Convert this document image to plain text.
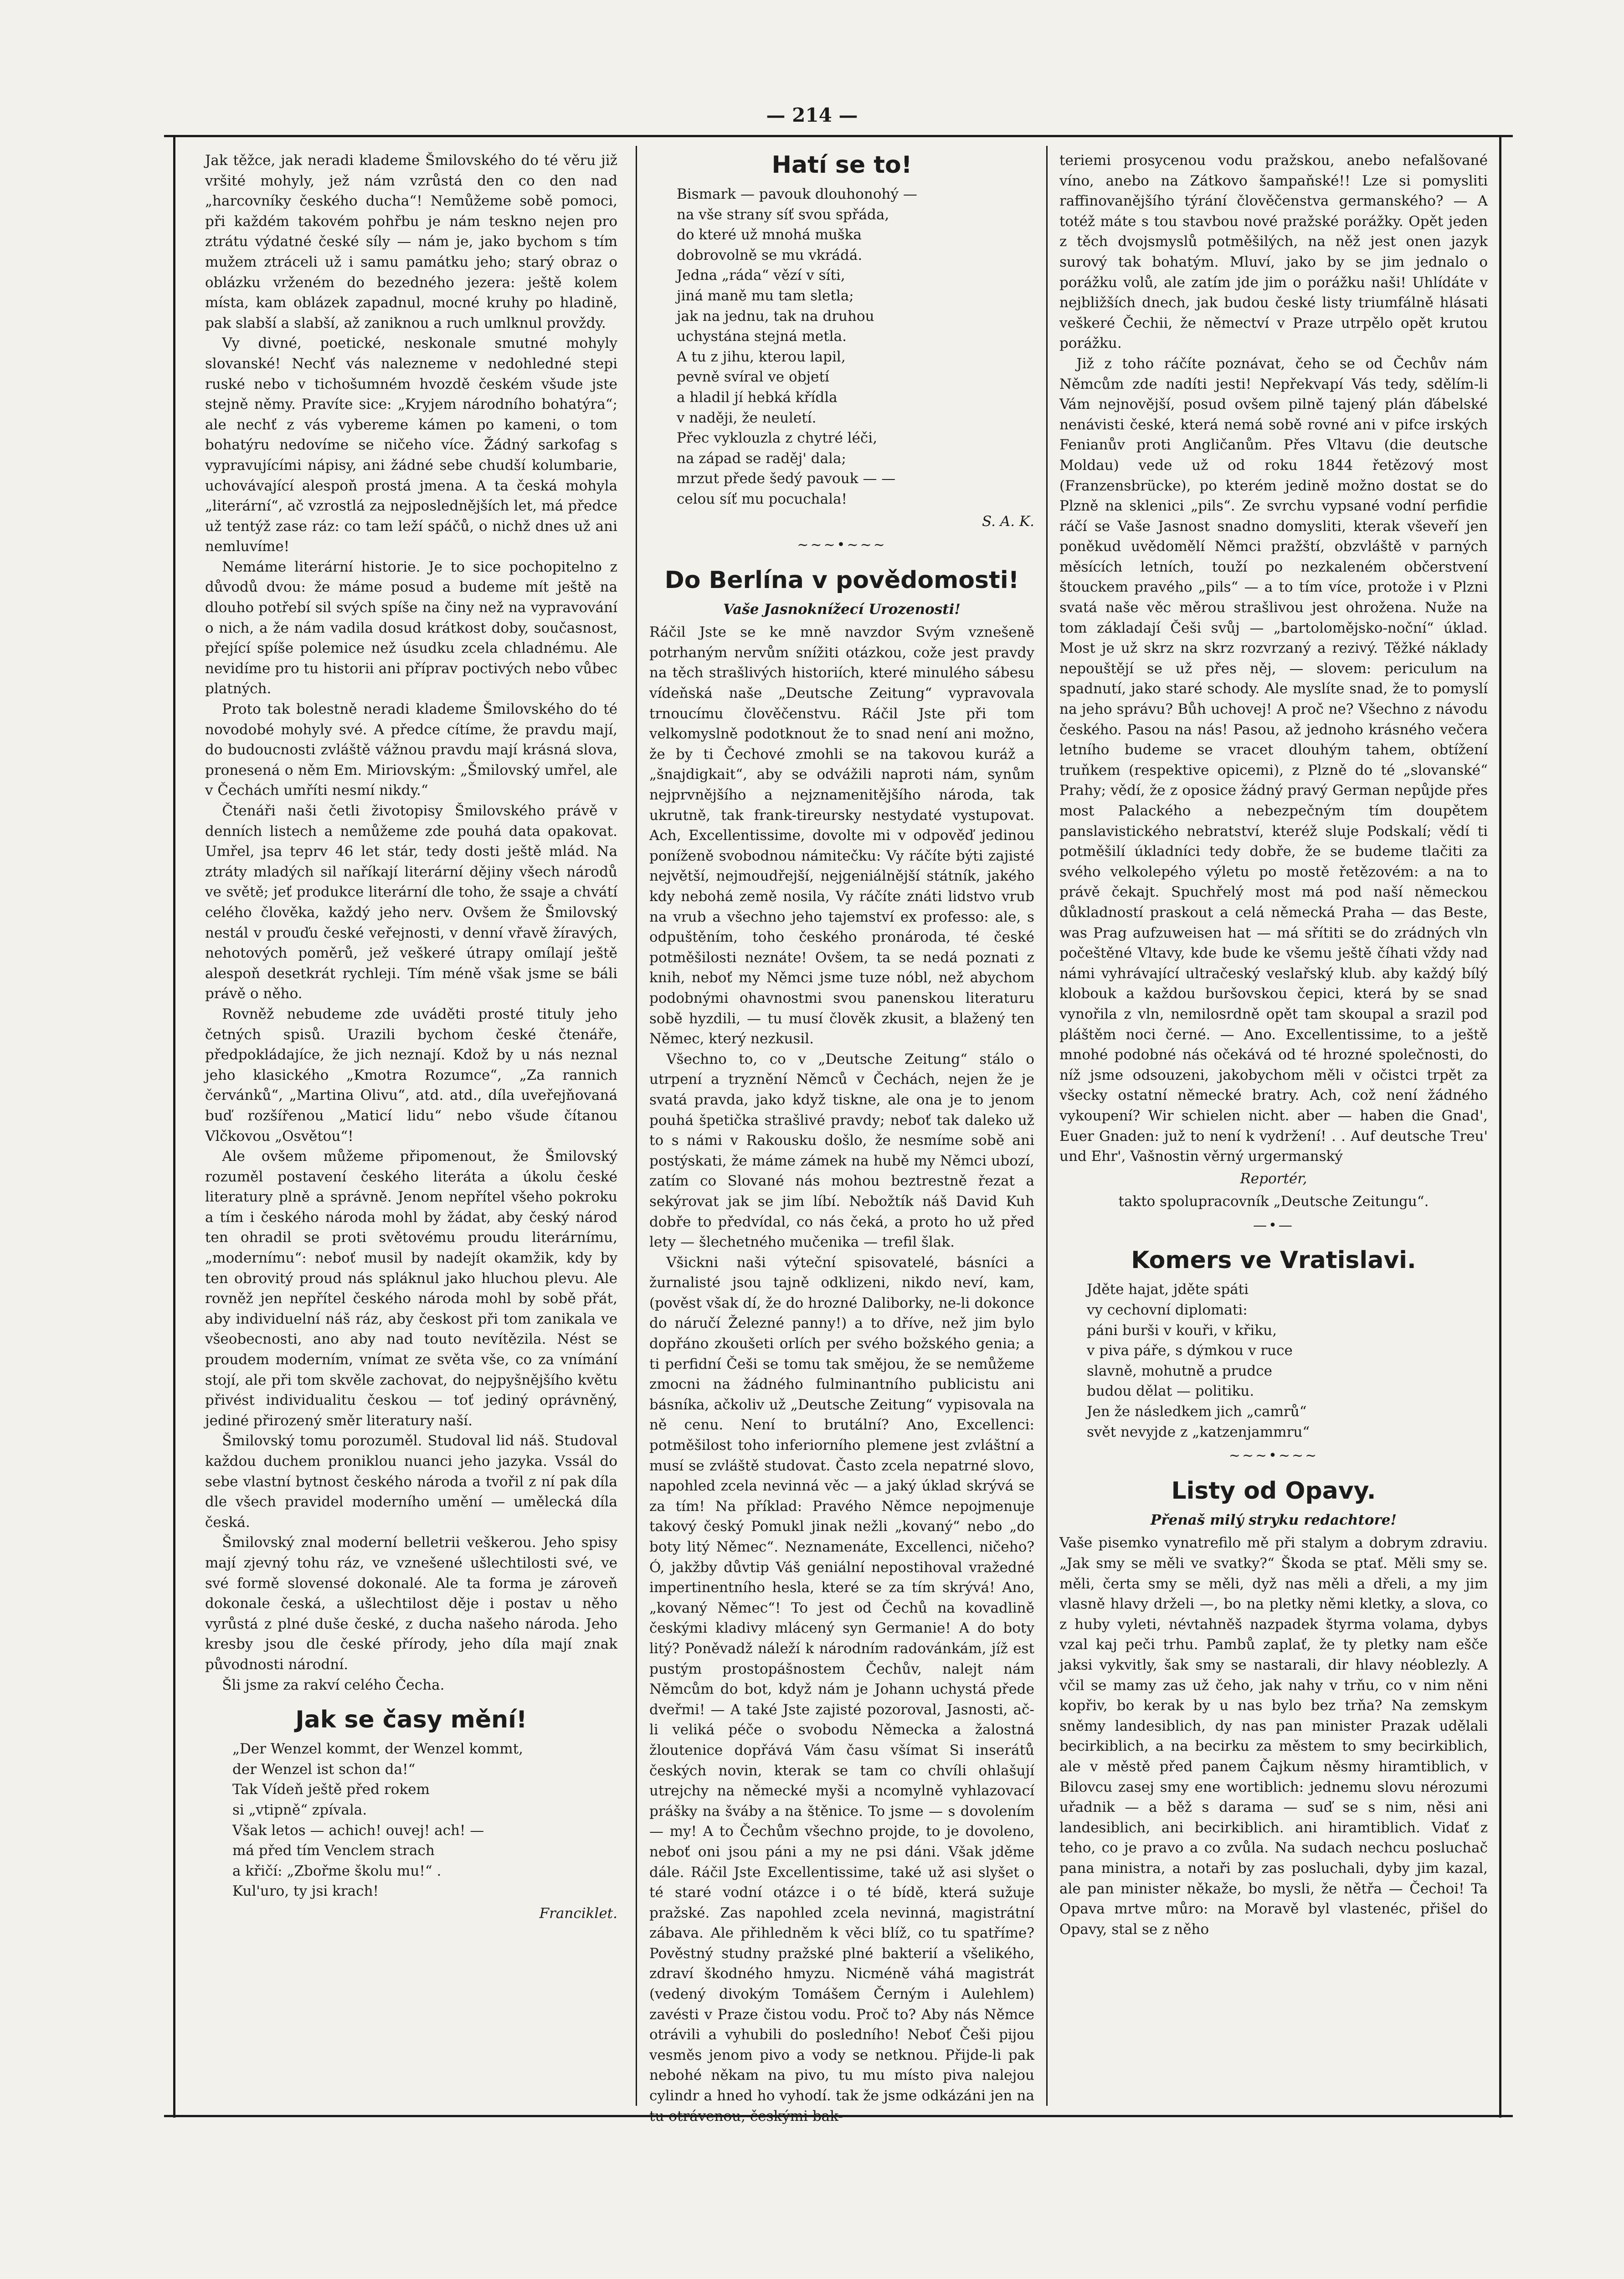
— 214 —

Jak těžce, jak neradi klademe Šmilovského do té věru již vršité mohyly, jež nám vzrůstá den co den nad „harcovníky českého ducha“! Nemůžeme sobě pomoci, při každém takovém pohřbu je nám teskno nejen pro ztrátu výdatné české síly — nám je, jako bychom s tím mužem ztráceli už i samu památku jeho; starý obraz o oblázku vrženém do bezedného jezera: ještě kolem místa, kam oblázek zapadnul, mocné kruhy po hladině, pak slabší a slabší, až zaniknou a ruch umlknul provždy.

Vy divné, poetické, neskonale smutné mohyly slovanské! Nechť vás nalezneme v nedohledné stepi ruské nebo v tichošumném hvozdě českém všude jste stejně němy. Pravíte sice: „Kryjem národního bohatýra“; ale nechť z vás vybereme kámen po kameni, o tom bohatýru nedovíme se ničeho více. Žádný sarkofag s vypravujícími nápisy, ani žádné sebe chudší kolumbarie, uchovávající alespoň prostá jmena. A ta česká mohyla „literární“, ač vzrostlá za nejposlednějších let, má předce už tentýž zase ráz: co tam leží spáčů, o nichž dnes už ani nemluvíme!

Nemáme literární historie. Je to sice pochopitelno z důvodů dvou: že máme posud a budeme mít ještě na dlouho potřebí sil svých spíše na činy než na vypravování o nich, a že nám vadila dosud krátkost doby, současnost, přející spíše polemice než úsudku zcela chladnému. Ale nevidíme pro tu historii ani příprav poctivých nebo vůbec platných.

Proto tak bolestně neradi klademe Šmilovského do té novodobé mohyly své. A předce cítíme, že pravdu mají, do budoucnosti zvláště vážnou pravdu mají krásná slova, pronesená o něm Em. Miriovským: „Šmilovský umřel, ale v Čechách umříti nesmí nikdy.“

Čtenáři naši četli životopisy Šmilovského právě v denních listech a nemůžeme zde pouhá data opakovat. Umřel, jsa teprv 46 let stár, tedy dosti ještě mlád. Na ztráty mladých sil naříkají literární dějiny všech národů ve světě; jeť produkce literární dle toho, že ssaje a chvátí celého člověka, každý jeho nerv. Ovšem že Šmilovský nestál v prouďu české veřejnosti, v denní vřavě žíravých, nehotových poměrů, jež veškeré útrapy omílají ještě alespoň desetkrát rychleji. Tím méně však jsme se báli právě o něho.

Rovněž nebudeme zde uváděti prosté tituly jeho četných spisů. Urazili bychom české čtenáře, předpokládajíce, že jich neznají. Kdož by u nás neznal jeho klasického „Kmotra Rozumce“, „Za rannich červánků“, „Martina Olivu“, atd. atd., díla uveřejňovaná buď rozšířenou „Maticí lidu“ nebo všude čítanou Vlčkovou „Osvětou“!

Ale ovšem můžeme připomenout, že Šmilovský rozuměl postavení českého literáta a úkolu české literatury plně a správně. Jenom nepřítel všeho pokroku a tím i českého národa mohl by žádat, aby český národ ten ohradil se proti světovému proudu literárnímu, „modernímu“: neboť musil by nadejít okamžik, kdy by ten obrovitý proud nás spláknul jako hluchou plevu. Ale rovněž jen nepřítel českého národa mohl by sobě přát, aby individuelní náš ráz, aby českost při tom zanikala ve všeobecnosti, ano aby nad touto nevítězila. Nést se proudem moderním, vnímat ze světa vše, co za vnímání stojí, ale při tom skvěle zachovat, do nejpyšnějšího květu přivést individualitu českou — toť jediný oprávněný, jediné přirozený směr literatury naší.

Šmilovský tomu porozuměl. Studoval lid náš. Studoval každou duchem proniklou nuanci jeho jazyka. Vssál do sebe vlastní bytnost českého národa a tvořil z ní pak díla dle všech pravidel moderního umění — umělecká díla česká.

Šmilovský znal moderní belletrii veškerou. Jeho spisy mají zjevný tohu ráz, ve vznešené ušlechtilosti své, ve své formě slovensé dokonalé. Ale ta forma je zároveň dokonale česká, a ušlechtilost děje i postav u něho vyrůstá z plné duše české, z ducha našeho národa. Jeho kresby jsou dle české přírody, jeho díla mají znak původnosti národní.

Šli jsme za rakví celého Čecha.

Jak se časy mění!
„Der Wenzel kommt, der Wenzel kommt,
der Wenzel ist schon da!“
Tak Vídeň ještě před rokem
si „vtipně“ zpívala.
Však letos — achich! ouvej! ach! —
má před tím Venclem strach
a křičí: „Zbořme školu mu!“ .
Kul'uro, ty jsi krach!
Franciklet.
Hatí se to!
Bismark — pavouk dlouhonohý —
na vše strany síť svou spřáda,
do které už mnohá muška
dobrovolně se mu vkrádá.
Jedna „ráda“ vězí v síti,
jiná maně mu tam sletla;
jak na jednu, tak na druhou
uchystána stejná metla.
A tu z jihu, kterou lapil,
pevně svíral ve objetí
a hladil jí hebká křídla
v naději, že neuletí.
Přec vyklouzla z chytré léči,
na západ se raděj' dala;
mrzut přede šedý pavouk — —
celou síť mu pocuchala!
S. A. K.
~~~•~~~
Do Berlína v povědomosti!
Vaše Jasnoknížecí Urozenosti!

Ráčil Jste se ke mně navzdor Svým vznešeně potrhaným nervům snížiti otázkou, cože jest pravdy na těch strašlivých historiích, které minulého sábesu vídeňská naše „Deutsche Zeitung“ vypravovala trnoucímu člověčenstvu. Ráčil Jste při tom velkomyslně podotknout že to snad není ani možno, že by ti Čechové zmohli se na takovou kuráž a „šnajdigkait“, aby se odvážili naproti nám, synům nejprvnějšího a nejznamenitějšího národa, tak ukrutně, tak frank-tireursky nestydaté vystupovat. Ach, Excellentissime, dovolte mi v odpověď jedinou poníženě svobodnou námitečku: Vy ráčíte býti zajisté největší, nejmoudřejší, nejgeniálnější státník, jakého kdy nebohá země nosila, Vy ráčíte znáti lidstvo vrub na vrub a všechno jeho tajemství ex professo: ale, s odpuštěním, toho českého pronároda, té české potměšilosti neznáte! Ovšem, ta se nedá poznati z knih, neboť my Němci jsme tuze nóbl, než abychom podobnými ohavnostmi svou panenskou literaturu sobě hyzdili, — tu musí člověk zkusit, a blažený ten Němec, který nezkusil.

Všechno to, co v „Deutsche Zeitung“ stálo o utrpení a tryznění Němců v Čechách, nejen že je svatá pravda, jako když tiskne, ale ona je to jenom pouhá špetička strašlivé pravdy; neboť tak daleko už to s námi v Rakousku došlo, že nesmíme sobě ani postýskati, že máme zámek na hubě my Němci ubozí, zatím co Slované nás mohou beztrestně řezat a sekýrovat jak se jim líbí. Nebožtík náš David Kuh dobře to předvídal, co nás čeká, a proto ho už před lety — šlechetného mučenika — trefil šlak.

Všickni naši výteční spisovatelé, básníci a žurnalisté jsou tajně odklizeni, nikdo neví, kam, (pověst však dí, že do hrozné Daliborky, ne-li dokonce do náručí Železné panny!) a to dříve, než jim bylo dopřáno zkoušeti orlích per svého božského genia; a ti perfidní Češi se tomu tak smějou, že se nemůžeme zmocni na žádného fulminantního publicistu ani básníka, ačkoliv už „Deutsche Zeitung“ vypisovala na ně cenu. Není to brutální? Ano, Excellenci: potměšilost toho inferiorního plemene jest zvláštní a musí se zvláště studovat. Často zcela nepatrné slovo, napohled zcela nevinná věc — a jaký úklad skrývá se za tím! Na příklad: Pravého Němce nepojmenuje takový český Pomukl jinak nežli „kovaný“ nebo „do boty litý Němec“. Neznamenáte, Excellenci, ničeho? Ó, jakžby důvtip Váš geniální nepostihoval vražedné impertinentního hesla, které se za tím skrývá! Ano, „kovaný Němec“! To jest od Čechů na kovadlině českými kladivy mlácený syn Germanie! A do boty litý? Poněvadž náleží k národním radovánkám, jíž est pustým prostopášnostem Čechův, nalejt nám Němcům do bot, když nám je Johann uchystá přede dveřmi! — A také Jste zajisté pozoroval, Jasnosti, ač-li veliká péče o svobodu Německa a žalostná žloutenice dopřává Vám času všímat Si inserátů českých novin, kterak se tam co chvíli ohlašují utrejchy na německé myši a ncomylně vyhlazovací prášky na šváby a na štěnice. To jsme — s dovolením — my! A to Čechům všechno projde, to je dovoleno, neboť oni jsou páni a my ne psi dáni. Však jděme dále. Ráčil Jste Excellentissime, také už asi slyšet o té staré vodní otázce i o té bídě, která sužuje pražské. Zas napohled zcela nevinná, magistrátní zábava. Ale přihledněm k věci blíž, co tu spatříme? Pověstný studny pražské plné bakterií a všelikého, zdraví škodného hmyzu. Nicméně váhá magistrát (vedený divokým Tomášem Černým i Aulehlem) zavésti v Praze čistou vodu. Proč to? Aby nás Němce otrávili a vyhubili do posledního! Neboť Češi pijou vesměs jenom pivo a vody se netknou. Přijde-li pak nebohé někam na pivo, tu mu místo piva nalejou cylindr a hned ho vyhodí. tak že jsme odkázáni jen na tu otrávenou, českými bak-

teriemi prosycenou vodu pražskou, anebo nefalšované víno, anebo na Zátkovo šampaňské!! Lze si pomysliti raffinovanějšího týrání člověčenstva germanského? — A totéž máte s tou stavbou nové pražské porážky. Opět jeden z těch dvojsmyslů potměšilých, na něž jest onen jazyk surový tak bohatým. Mluví, jako by se jim jednalo o porážku volů, ale zatím jde jim o porážku naši! Uhlídáte v nejbližších dnech, jak budou české listy triumfálně hlásati veškeré Čechii, že němectví v Praze utrpělo opět krutou porážku.

Již z toho ráčíte poznávat, čeho se od Čechův nám Němcům zde nadíti jesti! Nepřekvapí Vás tedy, sdělím-li Vám nejnovější, posud ovšem pilně tajený plán ďábelské nenávisti české, která nemá sobě rovné ani v pifce irských Fenianův proti Angličanům. Přes Vltavu (die deutsche Moldau) vede už od roku 1844 řetězový most (Franzensbrücke), po kterém jedině možno dostat se do Plzně na sklenici „pils“. Ze svrchu vypsané vodní perfidie ráčí se Vaše Jasnost snadno domysliti, kterak vševeří jen poněkud uvědomělí Němci pražští, obzvláště v parných měsících letních, touží po nezkaleném občerstvení štouckem pravého „pils“ — a to tím více, protože i v Plzni svatá naše věc měrou strašlivou jest ohrožena. Nuže na tom základají Češi svůj — „bartolomějsko-noční“ úklad. Most je už skrz na skrz rozvrzaný a rezivý. Těžké náklady nepouštějí se už přes něj, — slovem: periculum na spadnutí, jako staré schody. Ale myslíte snad, že to pomyslí na jeho správu? Bůh uchovej! A proč ne? Všechno z návodu českého. Pasou na nás! Pasou, až jednoho krásného večera letního budeme se vracet dlouhým tahem, obtížení truňkem (respektive opicemi), z Plzně do té „slovanské“ Prahy; vědí, že z oposice žádný pravý German nepůjde přes most Palackého a nebezpečným tím doupětem panslavistického nebratství, kteréž sluje Podskalí; vědí ti potměšilí úkladníci tedy dobře, že se budeme tlačiti za svého velkolepého výletu po mostě řetězovém: a na to právě čekajt. Spuchřelý most má pod naší německou důkladností praskout a celá německá Praha — das Beste, was Prag aufzuweisen hat — má sřítiti se do zrádných vln počeštěné Vltavy, kde bude ke všemu ještě číhati vždy nad námi vyhrávající ultračeský veslařský klub. aby každý bílý klobouk a každou buršovskou čepici, která by se snad vynořila z vln, nemilosrdně opět tam skoupal a srazil pod pláštěm noci černé. — Ano. Excellentissime, to a ještě mnohé podobné nás očekává od té hrozné společnosti, do níž jsme odsouzeni, jakobychom měli v očistci trpět za všecky ostatní německé bratry. Ach, což není žádného vykoupení? Wir schielen nicht. aber — haben die Gnad', Euer Gnaden: juž to není k vydržení! . . Auf deutsche Treu' und Ehr', Vašnostin věrný urgermanský

Reportér,
takto spolupracovník „Deutsche Zeitungu“.
—•—
Komers ve Vratislavi.
Jděte hajat, jděte spáti
vy cechovní diplomati:
páni burši v kouři, v křiku,
v piva páře, s dýmkou v ruce
slavně, mohutně a prudce
budou dělat — politiku.
Jen že následkem jich „camrů“
svět nevyjde z „katzenjammru“
~~~•~~~
Listy od Opavy.
Přenaš milý stryku redachtore!

Vaše pisemko vynatrefilo mě při stalym a dobrym zdraviu. „Jak smy se měli ve svatky?“ Škoda se ptať. Měli smy se. měli, čerta smy se měli, dyž nas měli a dřeli, a my jim vlasně hlavy drželi —, bo na pletky němi kletky, a slova, co z huby vyleti, névtahněš nazpadek štyrma volama, dybys vzal kaj peči trhu. Pambů zaplať, že ty pletky nam ešče jaksi vykvitly, šak smy se nastarali, dir hlavy néoblezly. A včil se mamy zas už čeho, jak nahy v trňu, co v nim něni kopřiv, bo kerak by u nas bylo bez trňa? Na zemskym sněmy landesiblich, dy nas pan minister Prazak udělali becirkiblich, a na becirku za městem to smy becirkiblich, ale v městě před panem Čajkum něsmy hiramtiblich, v Bilovcu zasej smy ene wortiblich: jednemu slovu nérozumi uřadnik — a běž s darama — suď se s nim, něsi ani landesiblich, ani becirkiblich. ani hiramtiblich. Vidať z teho, co je pravo a co zvůla. Na sudach nechcu posluchač pana ministra, a notaři by zas posluchali, dyby jim kazal, ale pan minister někaže, bo mysli, že nětřa — Čechoi! Ta Opava mrtve můro: na Moravě byl vlastenéc, přišel do Opavy, stal se z něho
